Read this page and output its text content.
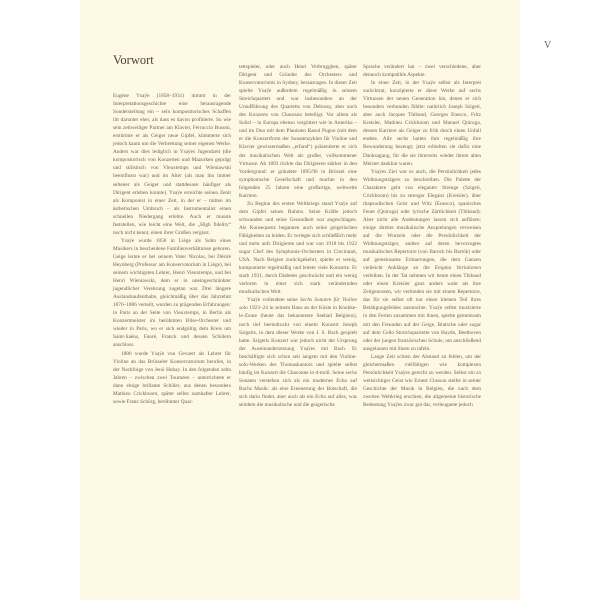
V
Vorwort

Eugène Ysaÿe (1858–1931) nimmt in der Interpretationsgeschichte eine herausragende Sonderstellung ein – sein kompositorisches Schaffen litt darunter eher, als dass es davon profitierte. So wie sein zeitweiliger Partner am Klavier, Ferruccio Busoni, erstürmte er als Geiger neue Gipfel, kümmerte sich jedoch kaum um die Verbreitung seiner eigenen Werke. Anders war dies lediglich in Ysaÿes Jugendzeit (die kompositorisch von Konzerten und Mazurken geprägt und stilistisch von Vieuxtemps und Wieniawski beeinflusst war) und im Alter (als man ihn immer seltener als Geiger und stattdessen häufiger als Dirigent erleben konnte). Ysaÿe erreichte seinen Zenit als Komponist in einer Zeit, in der er – mitten im ästhetischen Umbruch – als Instrumentalist einen schnellen Niedergang erlebte. Auch er musste feststellen, wie leicht eine Welt, die „High fidelity“ noch nicht kennt, einen ihrer Großen vergisst.

Ysaÿe wurde 1858 in Liège als Sohn eines Musikers in bescheidene Familienverhältnisse geboren. Geige lernte er bei seinem Vater Nicolas, bei Désiré Heynberg (Professor am Konservatorium in Liège), bei seinem wichtigsten Lehrer, Henri Vieuxtemps, und bei Henri Wieniawski, dem er in uneingeschränkter jugendlicher Verehrung zugetan war. Drei längere Auslandsaufenthalte, gleichmäßig über das Jahrzehnt 1876–1886 verteilt, wurden zu prägenden Erfahrungen: in Paris an der Seite von Vieuxtemps, in Berlin als Konzertmeister im berühmten Bilse-Orchester und wieder in Paris, wo er sich endgültig dem Kreis um Saint-Saëns, Fauré, Franck und dessen Schülern anschloss.

1886 wurde Ysaÿe von Gevaert als Lehrer für Violine an das Brüsseler Konservatorium berufen, in der Nachfolge von Jenö Hubay. In den folgenden zehn Jahren – zwischen zwei Tourneen – unterrichtete er dann einige brillante Schüler, aus denen besonders Mathieu Crickboom, später selbst namhafter Lehrer, sowie Franz Schörg, berühmter Quar-

tettspieler, oder auch Henri Verbrugghen, später Dirigent und Gründer des Orchesters und Konservatoriums in Sydney, herausragen. In dieser Zeit spielte Ysaÿe außerdem regelmäßig in seinem Streichquartett und war insbesondere an der Uraufführung des Quartetts von Debussy, aber auch des Konzerts von Chausson beteiligt. Vor allem als Solist – in Europa ebenso vergöttert wie in Amerika – und im Duo mit dem Pianisten Raoul Pugno (mit dem er die Konzertform der Sonatenzyklen für Violine und Klavier gewissermaßen „erfand“) präsentierte er sich der musikalischen Welt als großer, vollkommener Virtuose. Ab 1893 rückte das Dirigieren stärker in den Vordergrund: er gründete 1895/96 in Brüssel eine symphonische Gesellschaft und machte in den folgenden 25 Jahren eine großartige, weltweite Karriere.

Zu Beginn des ersten Weltkriegs stand Ysaÿe auf dem Gipfel seines Ruhms. Seine Kräfte jedoch schwanden und seine Gesundheit war angeschlagen. Als Konsequenz begannen auch seine geigerischen Fähigkeiten zu leiden. Er verlegte sich schließlich mehr und mehr aufs Dirigieren und war von 1918 bis 1922 sogar Chef des Symphonie-Orchesters in Cincinnati, USA. Nach Belgien zurückgekehrt, spielte er wenig, komponierte regelmäßig und leitete viele Konzerte. Er starb 1931, durch Diabetes geschwächt und ein wenig verloren in einer sich stark verändernden musikalischen Welt.

Ysaÿe vollendete seine Sechs Sonaten für Violine solo 1923–24 in seinem Haus an der Küste in Knokke-le-Zoute (heute das bekannteste Seebad Belgiens), noch tief beeindruckt von einem Konzert Joseph Szigetis, in dem dieser Werke von J. S. Bach gespielt hatte. Szigetis Konzert war jedoch nicht der Ursprung der Auseinandersetzung Ysaÿes mit Bach. Er beschäftigte sich schon seit langem mit den Violine-solo-Werken des Thomaskantors und spielte selbst häufig im Konzert die Chaconne in d-moll. Seine sechs Sonaten verstehen sich als ein modernes Echo auf Bachs Musik: als eine Erneuerung der Botschaft, die sich darin findet, aber auch als ein Echo auf alles, was seitdem die musikalische und die geigerische

Sprache verändert hat – zwei verschiedene, aber dennoch kompatible Aspekte.

In einer Zeit, in der Ysaÿe selbst als Interpret zurücktrat, konzipierte er diese Werke auf sechs Virtuosen der neuen Generation hin, denen er sich besonders verbunden fühlte: natürlich Joseph Szigeti, aber auch Jacques Thibaud, Georges Enesco, Fritz Kreisler, Mathieu Crickboom und Manuel Quiroga, dessen Karriere als Geiger zu früh durch einen Unfall endete. Alle sechs hatten ihm regelmäßig ihre Bewunderung bezeugt; jetzt erhielten sie dafür eine Danksagung, für die sie ihrerseits wieder ihrem alten Meister dankbar waren.

Ysaÿes Ziel war es auch, die Persönlichkeit jedes Widmungsträgers zu beschreiben. Die Palette der Charaktere geht von eleganter Strenge (Szigeti, Crickboom) bis zu strenger Eleganz (Kreisler), über rhapsodischen Geist und Witz (Enesco), spanisches Feuer (Quiroga) oder lyrische Zärtlichkeit (Thibaud). Aber nicht alle Andeutungen lassen sich auflösen: einige direkte musikalische Anspielungen verweisen auf die Wurzeln oder die Persönlichkeit der Widmungsträger, andere auf deren bevorzugtes musikalisches Repertoire (von Barock bis Bartók) oder auf gemeinsame Erinnerungen, die dem Ganzen vielleicht Anklänge an die Enigma Variationen verleihen. In der Tat nehmen wir heute einen Thibaud oder einen Kreisler ganz anders wahr als ihre Zeitgenossen, wir verbinden sie mit einem Repertoire, das für sie selbst oft nur einen kleinen Teil ihres Betätigungsfeldes ausmachte. Ysaÿe selbst musizierte in den Ferien zusammen mit ihnen, spielte gemeinsam mit den Freunden auf der Geige, Bratsche oder sogar auf dem Cello Streichquartette von Haydn, Beethoven oder der jungen französischen Schule, um anschließend ausgelassen mit ihnen zu tafeln.

Lange Zeit schien der Abstand zu fehlen, um der gleichermaßen vielfältigen wie komplexen Persönlichkeit Ysaÿes gerecht zu werden. Selbst ein so weitsichtiger Geist wie Ernest Closson stellte in seiner Geschichte der Musik in Belgien, die nach dem zweiten Weltkrieg erschien, die allgemeine historische Bedeutung Ysaÿes zwar gut dar, verleugnete jedoch
